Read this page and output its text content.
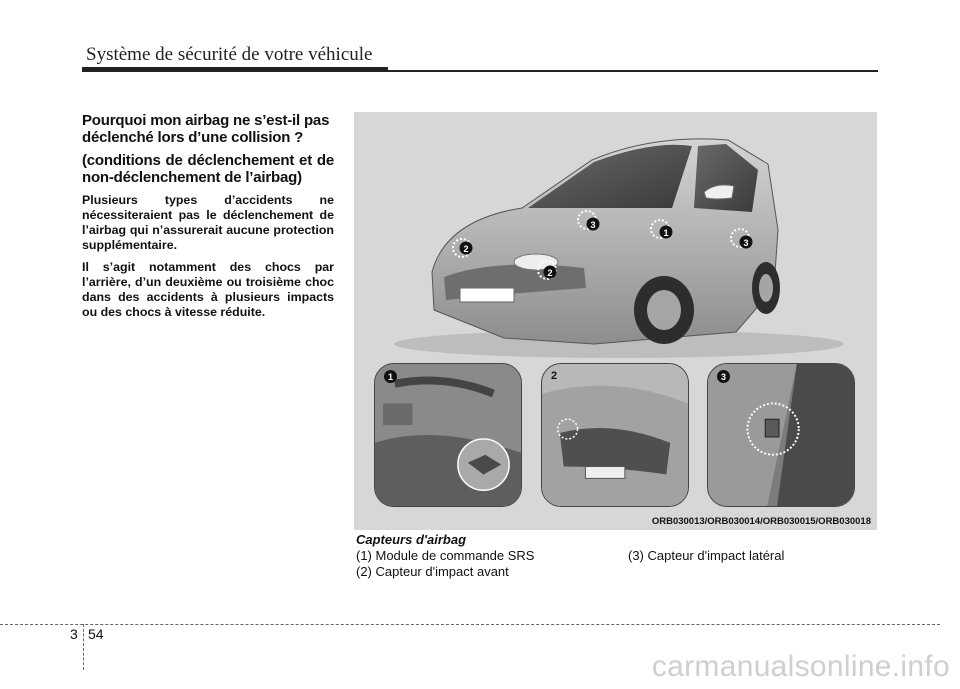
Système de sécurité de votre véhicule
Pourquoi mon airbag ne s’est-il pas déclenché lors d’une collision ?
(conditions de déclenchement et de non-déclenchement de l’airbag)

Plusieurs types d’accidents ne nécessiteraient pas le déclenchement de l’airbag qui n’assurerait aucune protection supplémentaire.

Il s’agit notamment des chocs par l’arrière, d’un deuxième ou troisième choc dans des accidents à plusieurs impacts ou des chocs à vitesse réduite.

2
2
1
3
3
1	2	3
ORB030013/ORB030014/ORB030015/ORB030018
Capteurs d'airbag
(1) Module de commande SRS	(3) Capteur d'impact latéral
(2) Capteur d'impact avant
3 54
carmanualsonline.info
